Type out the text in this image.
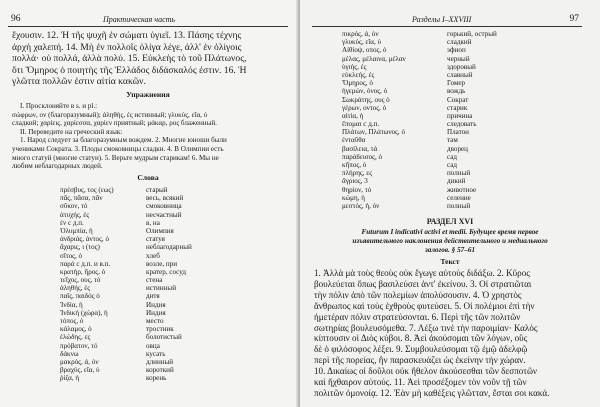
96	Практическая часть
ἔχουσιν. 12. Ἡ τῆς ψυχῆ ἐν σώματι ὑγιεῖ. 13. Πάσης τέχνης
ἀρχὴ χαλεπή. 14. Μὴ ἐν πολλοῖς ὀλίγα λέγε, ἀλλ' ἐν ὀλίγοις
πολλά· οὐ πολλά, ἀλλὰ πολύ. 15. Εὐκλεὴς τὸ τοῦ Πλάτωνος,
ὅτι Ὅμηρος ὁ ποιητὴς τῆς Ἑλλάδος διδάσκαλός ἐστιν. 16. Ἡ
γλῶττα πολλῶν ἐστιν αἰτία κακῶν.
Упражнения
I. Просклоняйте в s. и pl.:
σώφρων, ον (благоразумный); ἀληθής, ές истинный; γλυκύς, εῖα, ύ
сладкий; χαρίεις, χαρίεσσα, χαρίεν приятный; μάκαρ, ρος блаженный.
II. Переведите на греческий язык:
1. Народ следует за благоразумным вождем. 2. Многие юноши были
учениками Сократа. 3. Плоды смоковницы сладки. 4. В Олимпии есть
много статуй (многие статуи). 5. Верьте мудрым старикам! 6. Мы не
любим неблагодарных людей.
Слова
πρέσβυς, τος (εως)	старый
πᾶς, πᾶσα, πᾶν	весь, всякий
σῦκον, τό	смоковница
ἀτυχής, ές	несчастный
ἐν с д.п.	в, на
Ὀλυμπία, ἡ	Олимпия
ἀνδριάς, άντος, ὁ	статуя
ἄχαρις, ι (τος)	неблагодарный
σῖτος, ὁ	хлеб
παρά с д.п. и в.п.	возле, при
κρατήρ, ῆρος, ὁ	кратер, сосуд
τεῖχος, ους, τό	стена
ἀληθής, ές	истинный
παῖς, παιδός ὁ	дитя
Ἰνδία, ἡ	Индия
Ἰνδική (χώρα), ἡ	Индия
τόπος, ὁ	место
κάλαμος, ὁ	тростник
ἑλώδης, ες	болотистый
πρόβατον, τό	овца
δάκνω	кусать
μακρός, ά, όν	длинный
βραχύς, εῖα, ύ	короткий
ῥίζα, ἡ	корень
Разделы I–XXVIII	97
πικρός, ά, όν	горький, острый
γλυκύς, εῖα, ύ	сладкий
Αἰθίοψ, οπος, ὁ	эфиоп
μέλας, μέλαινα, μέλαν	черный
ὑγιής, ές	здоровый
εὐκλεής, ές	славный
Ὅμηρος, ὁ	Гомер
ἡγεμών, όνος, ὁ	вождь
Σωκράτης, ους ὁ	Сократ
γέρων, οντος, ὁ	старик
αἰτία, ἡ	причина
ἕπομαι с д.п.	следовать
Πλάτων, Πλάτωνος, ὁ	Платон
ἐνταῦθα	там
βασίλεια, τά	дворец
παράδεισος, ὁ	сад
κῆπος, ὁ	сад
πλήρης, ες	полный
ἄγριος, 3	дикий
θηρίον, τό	животное
κώμη, ἡ	селение
μεστός, ἡ, όν	полный
РАЗДЕЛ XVI
Futurum I indicativi activi et medii. Будущее время первое
изъявительного наклонения действительного и медиального
залогов. § 57–61
Текст
1. Ἀλλὰ μὰ τοὺς θεοὺς οὐκ ἔγωγε αὐτοὺς διδάξω. 2. Κῦρος
βουλεύεται ὅπως βασιλεύσει ἀντ' ἐκείνου. 3. Οἱ στρατιῶται
τὴν πόλιν ἀπὸ τῶν πολεμίων ἀπολύσουσιν. 4. Ὁ χρηστὸς
ἄνθρωπος καὶ τοὺς ἐχθροὺς φυτεύσει. 5. Οἱ πολέμιοι ἐπὶ τὴν
ἡμετέραν πόλιν στρατεύσονται. 6. Περὶ τῆς τῶν πολιτῶν
σωτηρίας βουλευσόμεθα. 7. Λέξω τινὲ τὴν παροιμίαν· Καλὸς
κίπτουσιν οἱ Διὸς κύβοι. 8. Ἀεὶ ἀκούσομαι τῶν λόγων, οὓς
δὲ ὁ φιλόσοφος λέξει. 9. Συμβουλεύσομαι τῷ ἐμῷ ἀδελφῷ
περὶ τῆς πορείας, ἣν παρασκευάζει ὡς ἐκείνην τὴν χώραν.
10. Δικαίως οἱ δοῦλοι οὐκ ἤθελον ἀκούσεσθαι τῶν δεσποτῶν
καὶ ἤχθαιρον αὐτούς. 11. Ἀεὶ προσέξομεν τὸν νοῦν τῇ τῶν
πολιτῶν ὁμονοίᾳ. 12. Ἐὰν μὴ καθέξεις γλῶτταν, ἔσται σοι κακά.
